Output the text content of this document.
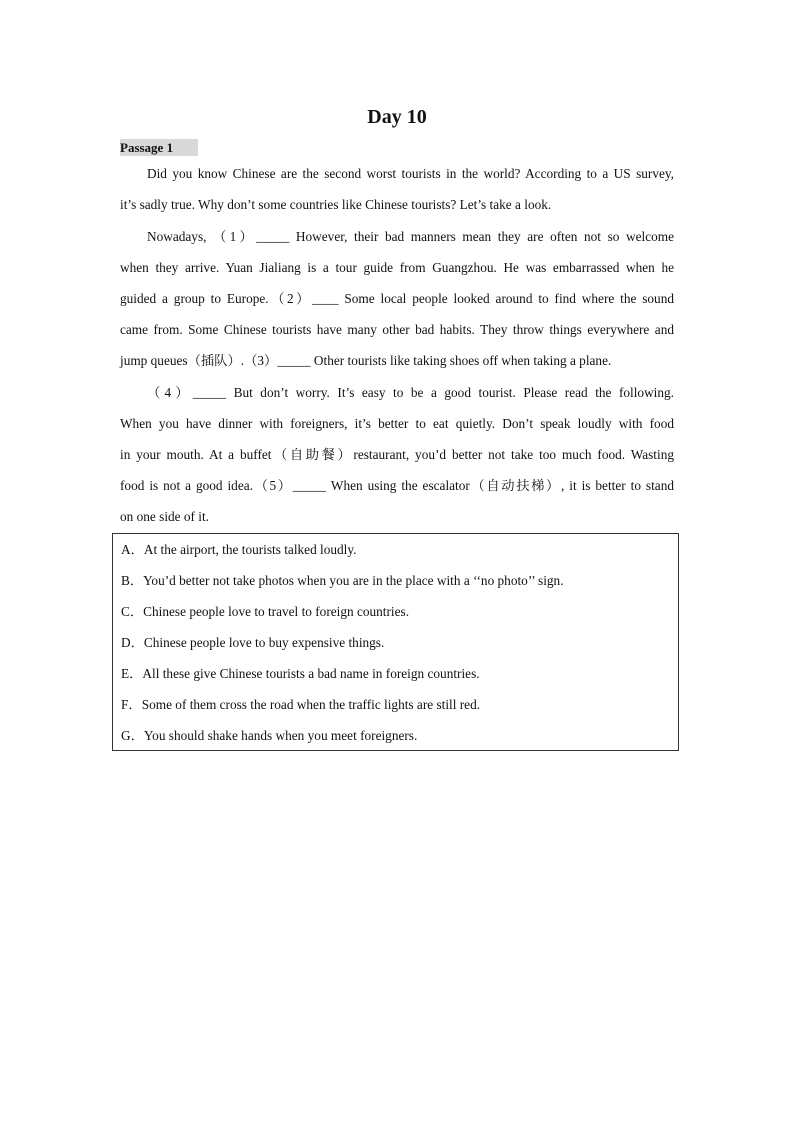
Day 10
Passage 1
Did you know Chinese are the second worst tourists in the world? According to a US survey,
it’s sadly true. Why don’t some countries like Chinese tourists? Let’s take a look.
Nowadays, （1）_____ However, their bad manners mean they are often not so welcome
when they arrive. Yuan Jialiang is a tour guide from Guangzhou. He was embarrassed when he
guided a group to Europe.（2）____ Some local people looked around to find where the sound
came from. Some Chinese tourists have many other bad habits. They throw things everywhere and
jump queues（插队）.（3）_____ Other tourists like taking shoes off when taking a plane.
（4）_____ But don’t worry. It’s easy to be a good tourist. Please read the following.
When you have dinner with foreigners, it’s better to eat quietly. Don’t speak loudly with food
in your mouth. At a buffet（自助餐）restaurant, you’d better not take too much food. Wasting
food is not a good idea.（5）_____ When using the escalator（自动扶梯）, it is better to stand
on one side of it.
A．At the airport, the tourists talked loudly.
B．You’d better not take photos when you are in the place with a ‘‘no photo’’ sign.
C．Chinese people love to travel to foreign countries.
D．Chinese people love to buy expensive things.
E．All these give Chinese tourists a bad name in foreign countries.
F．Some of them cross the road when the traffic lights are still red.
G．You should shake hands when you meet foreigners.
